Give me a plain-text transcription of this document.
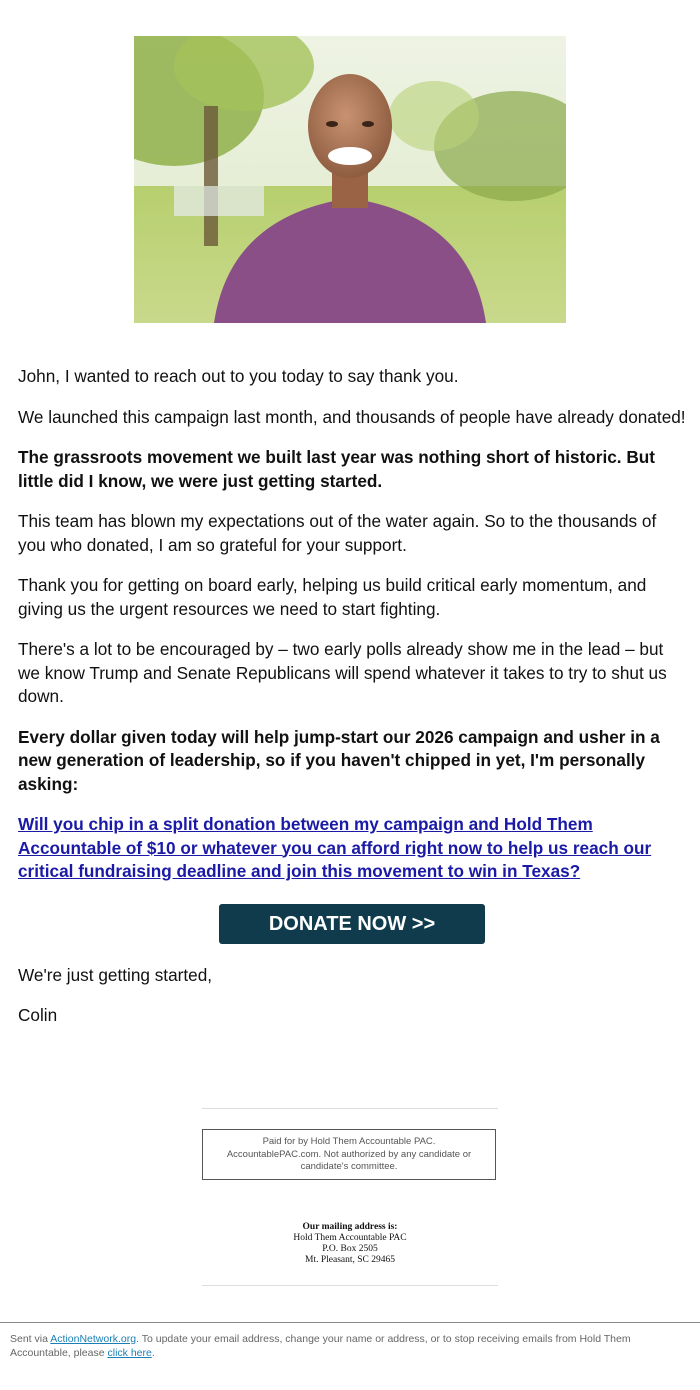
John, I wanted to reach out to you today to say thank you.

We launched this campaign last month, and thousands of people have already donated!

The grassroots movement we built last year was nothing short of historic. But little did I know, we were just getting started.

This team has blown my expectations out of the water again. So to the thousands of you who donated, I am so grateful for your support.

Thank you for getting on board early, helping us build critical early momentum, and giving us the urgent resources we need to start fighting.

There's a lot to be encouraged by – two early polls already show me in the lead – but we know Trump and Senate Republicans will spend whatever it takes to try to shut us down.

Every dollar given today will help jump-start our 2026 campaign and usher in a new generation of leadership, so if you haven't chipped in yet, I'm personally asking:

Will you chip in a split donation between my campaign and Hold Them Accountable of $10 or whatever you can afford right now to help us reach our critical fundraising deadline and join this movement to win in Texas?
DONATE NOW >>

We're just getting started,

Colin

Paid for by Hold Them Accountable PAC. AccountablePAC.com. Not authorized by any candidate or candidate's committee.
Our mailing address is:
Hold Them Accountable PAC
P.O. Box 2505
Mt. Pleasant, SC 29465
Sent via ActionNetwork.org. To update your email address, change your name or address, or to stop receiving emails from Hold Them Accountable, please click here.
